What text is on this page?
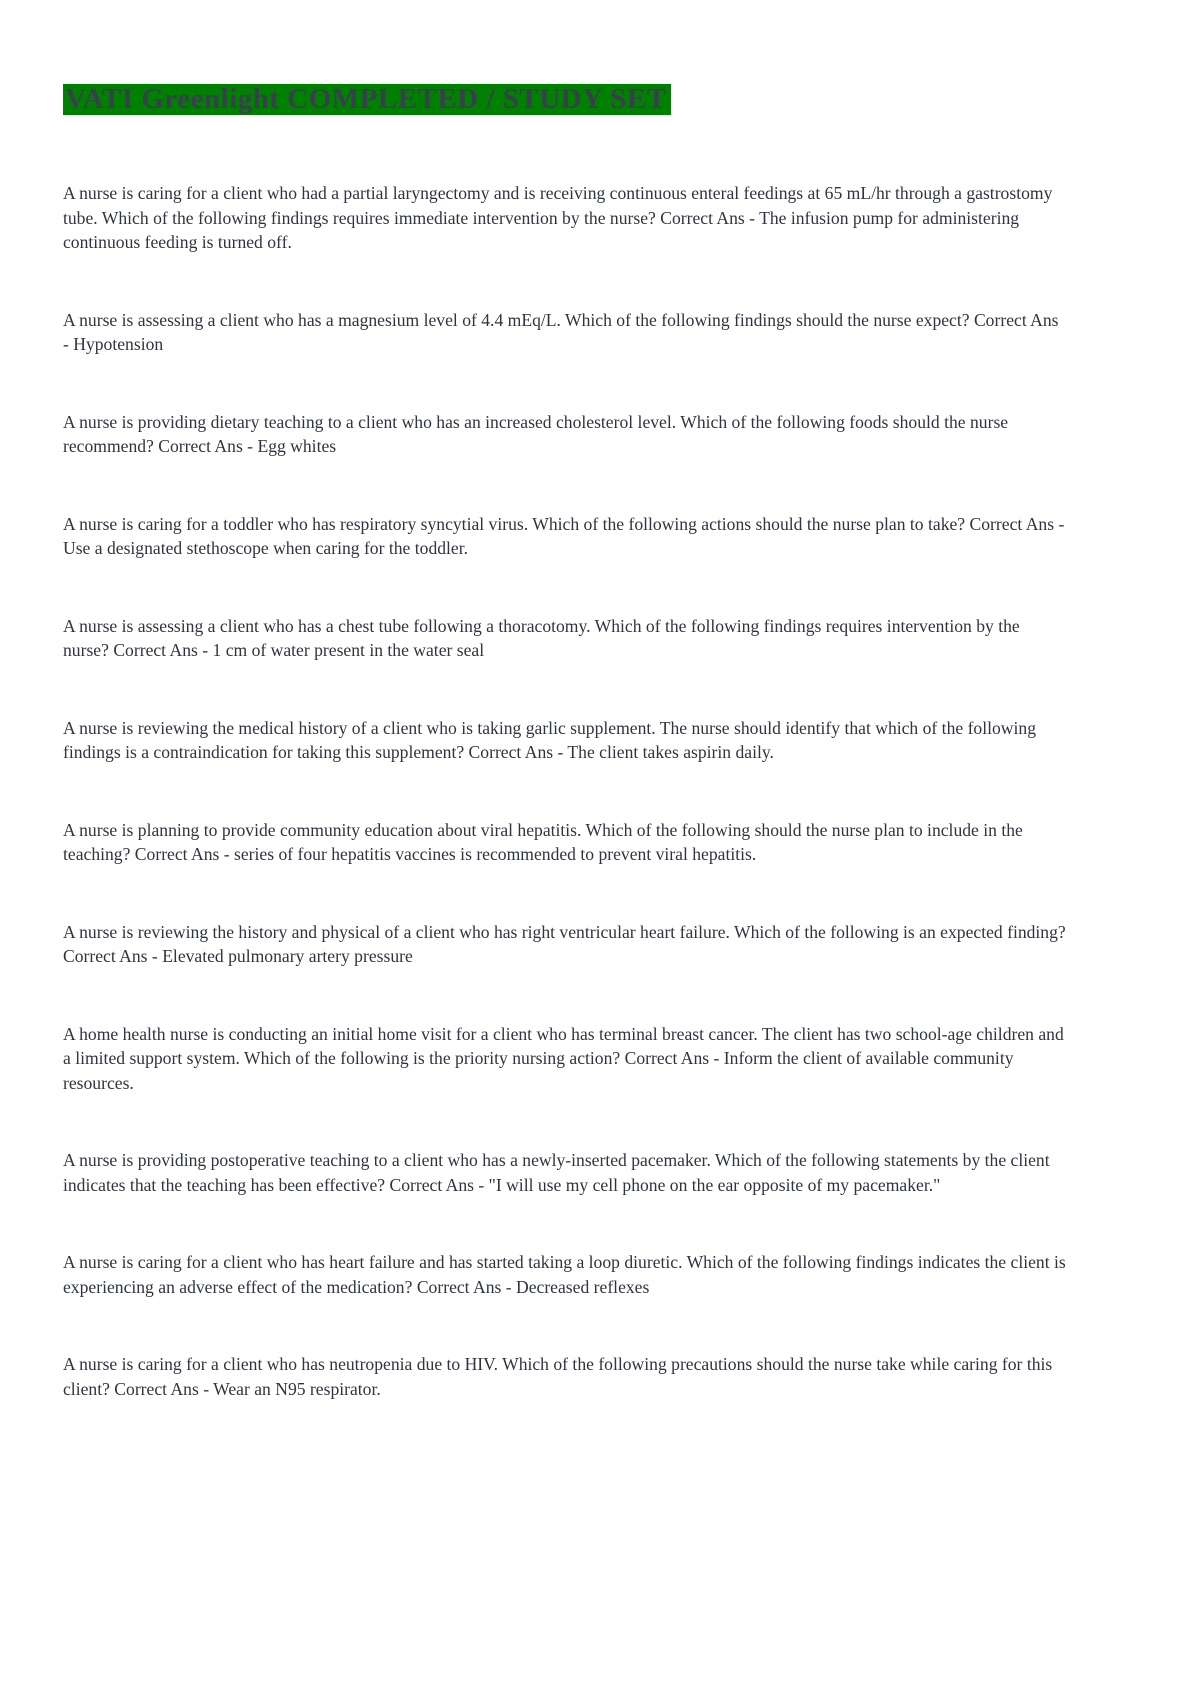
VATI Greenlight COMPLETED / STUDY SET

A nurse is caring for a client who had a partial laryngectomy and is receiving continuous enteral feedings at 65 mL/hr through a gastrostomy tube. Which of the following findings requires immediate intervention by the nurse? Correct Ans - The infusion pump for administering continuous feeding is turned off.

A nurse is assessing a client who has a magnesium level of 4.4 mEq/L. Which of the following findings should the nurse expect? Correct Ans - Hypotension

A nurse is providing dietary teaching to a client who has an increased cholesterol level. Which of the following foods should the nurse recommend? Correct Ans - Egg whites

A nurse is caring for a toddler who has respiratory syncytial virus. Which of the following actions should the nurse plan to take? Correct Ans - Use a designated stethoscope when caring for the toddler.

A nurse is assessing a client who has a chest tube following a thoracotomy. Which of the following findings requires intervention by the nurse? Correct Ans - 1 cm of water present in the water seal

A nurse is reviewing the medical history of a client who is taking garlic supplement. The nurse should identify that which of the following findings is a contraindication for taking this supplement? Correct Ans - The client takes aspirin daily.

A nurse is planning to provide community education about viral hepatitis. Which of the following should the nurse plan to include in the teaching? Correct Ans - series of four hepatitis vaccines is recommended to prevent viral hepatitis.

A nurse is reviewing the history and physical of a client who has right ventricular heart failure. Which of the following is an expected finding? Correct Ans - Elevated pulmonary artery pressure

A home health nurse is conducting an initial home visit for a client who has terminal breast cancer. The client has two school-age children and a limited support system. Which of the following is the priority nursing action? Correct Ans - Inform the client of available community resources.

A nurse is providing postoperative teaching to a client who has a newly-inserted pacemaker. Which of the following statements by the client indicates that the teaching has been effective? Correct Ans - "I will use my cell phone on the ear opposite of my pacemaker."

A nurse is caring for a client who has heart failure and has started taking a loop diuretic. Which of the following findings indicates the client is experiencing an adverse effect of the medication? Correct Ans - Decreased reflexes

A nurse is caring for a client who has neutropenia due to HIV. Which of the following precautions should the nurse take while caring for this client? Correct Ans - Wear an N95 respirator.
